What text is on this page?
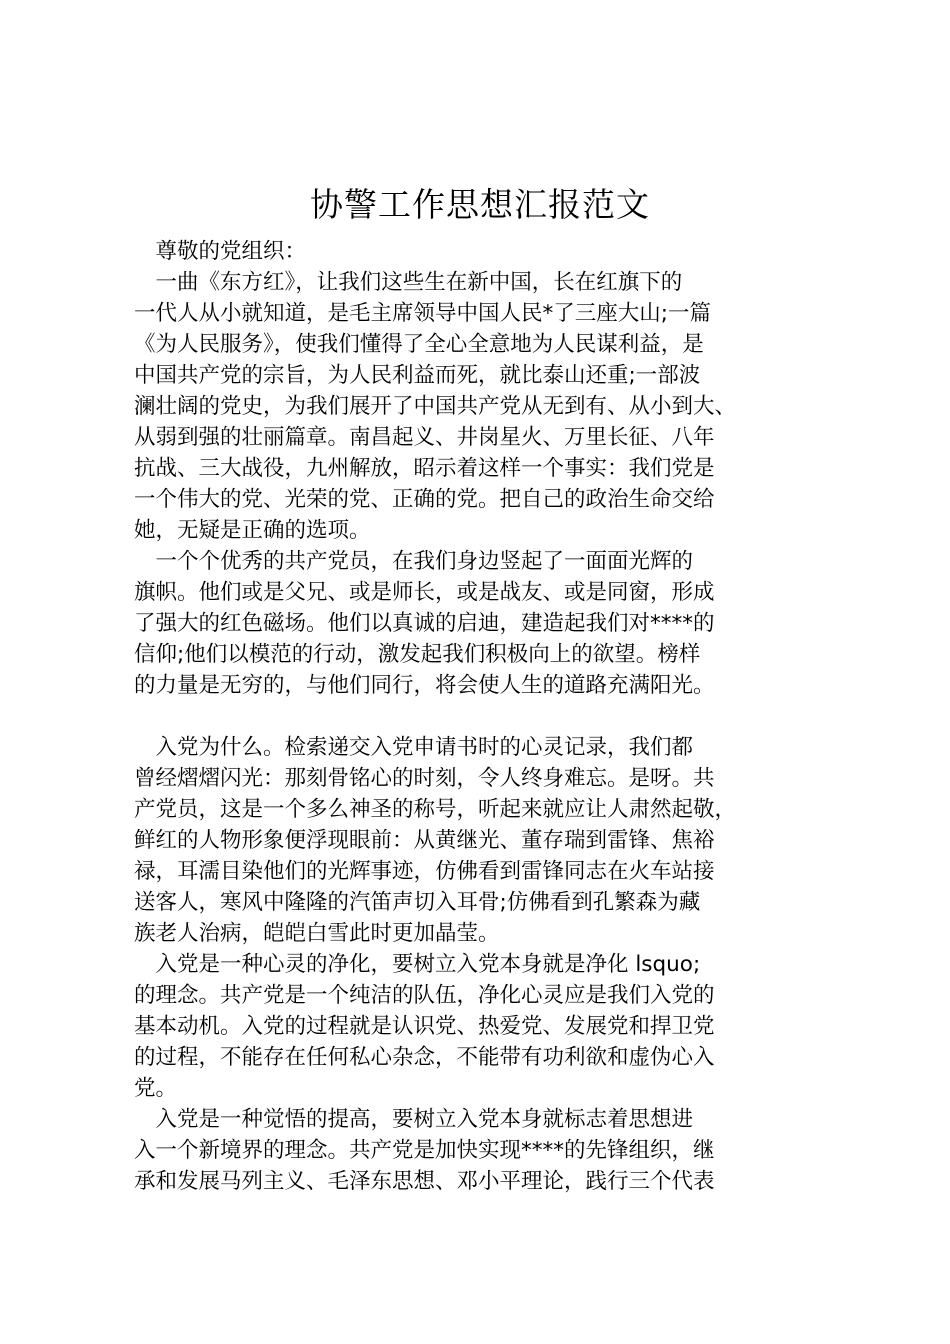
协警工作思想汇报范文
　尊敬的党组织：
　一曲《东方红》，让我们这些生在新中国，长在红旗下的
一代人从小就知道，是毛主席领导中国人民*了三座大山;一篇
《为人民服务》，使我们懂得了全心全意地为人民谋利益，是
中国共产党的宗旨，为人民利益而死，就比泰山还重;一部波
澜壮阔的党史，为我们展开了中国共产党从无到有、从小到大、
从弱到强的壮丽篇章。南昌起义、井岗星火、万里长征、八年
抗战、三大战役，九州解放，昭示着这样一个事实：我们党是
一个伟大的党、光荣的党、正确的党。把自己的政治生命交给
她，无疑是正确的选项。
　一个个优秀的共产党员，在我们身边竖起了一面面光辉的
旗帜。他们或是父兄、或是师长，或是战友、或是同窗，形成
了强大的红色磁场。他们以真诚的启迪，建造起我们对****的
信仰;他们以模范的行动，激发起我们积极向上的欲望。榜样
的力量是无穷的，与他们同行，将会使人生的道路充满阳光。
　入党为什么。检索递交入党申请书时的心灵记录，我们都
曾经熠熠闪光：那刻骨铭心的时刻，令人终身难忘。是呀。共
产党员，这是一个多么神圣的称号，听起来就应让人肃然起敬，
鲜红的人物形象便浮现眼前：从黄继光、董存瑞到雷锋、焦裕
禄，耳濡目染他们的光辉事迹，仿佛看到雷锋同志在火车站接
送客人，寒风中隆隆的汽笛声切入耳骨;仿佛看到孔繁森为藏
族老人治病，皑皑白雪此时更加晶莹。
　入党是一种心灵的净化，要树立入党本身就是净化 lsquo;
的理念。共产党是一个纯洁的队伍，净化心灵应是我们入党的
基本动机。入党的过程就是认识党、热爱党、发展党和捍卫党
的过程，不能存在任何私心杂念，不能带有功利欲和虚伪心入
党。
　入党是一种觉悟的提高，要树立入党本身就标志着思想进
入一个新境界的理念。共产党是加快实现****的先锋组织，继
承和发展马列主义、毛泽东思想、邓小平理论，践行三个代表
